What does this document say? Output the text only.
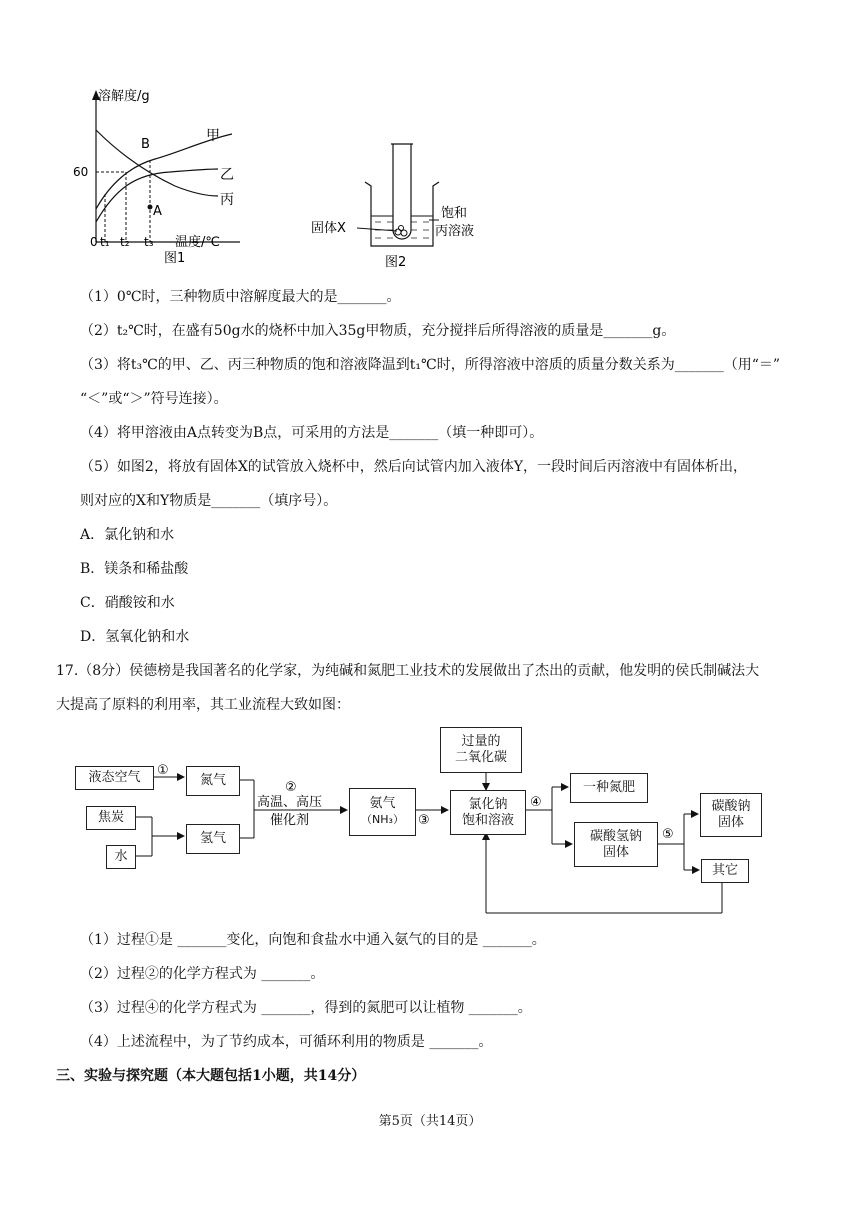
溶解度/g
60
B
A
甲
乙
丙
0 t₁ t₂ t₃ 温度/℃
图1
固体X
饱和
丙溶液
图2
（1）0℃时，三种物质中溶解度最大的是_______。
（2）t₂℃时，在盛有50g水的烧杯中加入35g甲物质，充分搅拌后所得溶液的质量是_______g。
（3）将t₃℃的甲、乙、丙三种物质的饱和溶液降温到t₁℃时，所得溶液中溶质的质量分数关系为_______（用“＝”
“＜”或“＞”符号连接）。
（4）将甲溶液由A点转变为B点，可采用的方法是_______（填一种即可）。
（5）如图2，将放有固体X的试管放入烧杯中，然后向试管内加入液体Y，一段时间后丙溶液中有固体析出，
则对应的X和Y物质是_______（填序号）。
A．氯化钠和水
B．镁条和稀盐酸
C．硝酸铵和水
D．氢氧化钠和水
17.（8分）侯德榜是我国著名的化学家，为纯碱和氮肥工业技术的发展做出了杰出的贡献，他发明的侯氏制碱法大
大提高了原料的利用率，其工业流程大致如图：
①
②
③
④
⑤
高温、高压
催化剂
液态空气
焦炭
水
氮气
氢气
氨气
（NH₃）
过量的
二氧化碳
氯化钠
饱和溶液
一种氮肥
碳酸氢钠
固体
碳酸钠
固体
其它
（1）过程①是 _______变化，向饱和食盐水中通入氨气的目的是 _______。
（2）过程②的化学方程式为 _______。
（3）过程④的化学方程式为 _______，得到的氮肥可以让植物 _______。
（4）上述流程中，为了节约成本，可循环利用的物质是 _______。
三、实验与探究题（本大题包括1小题，共14分）
第5页（共14页）
